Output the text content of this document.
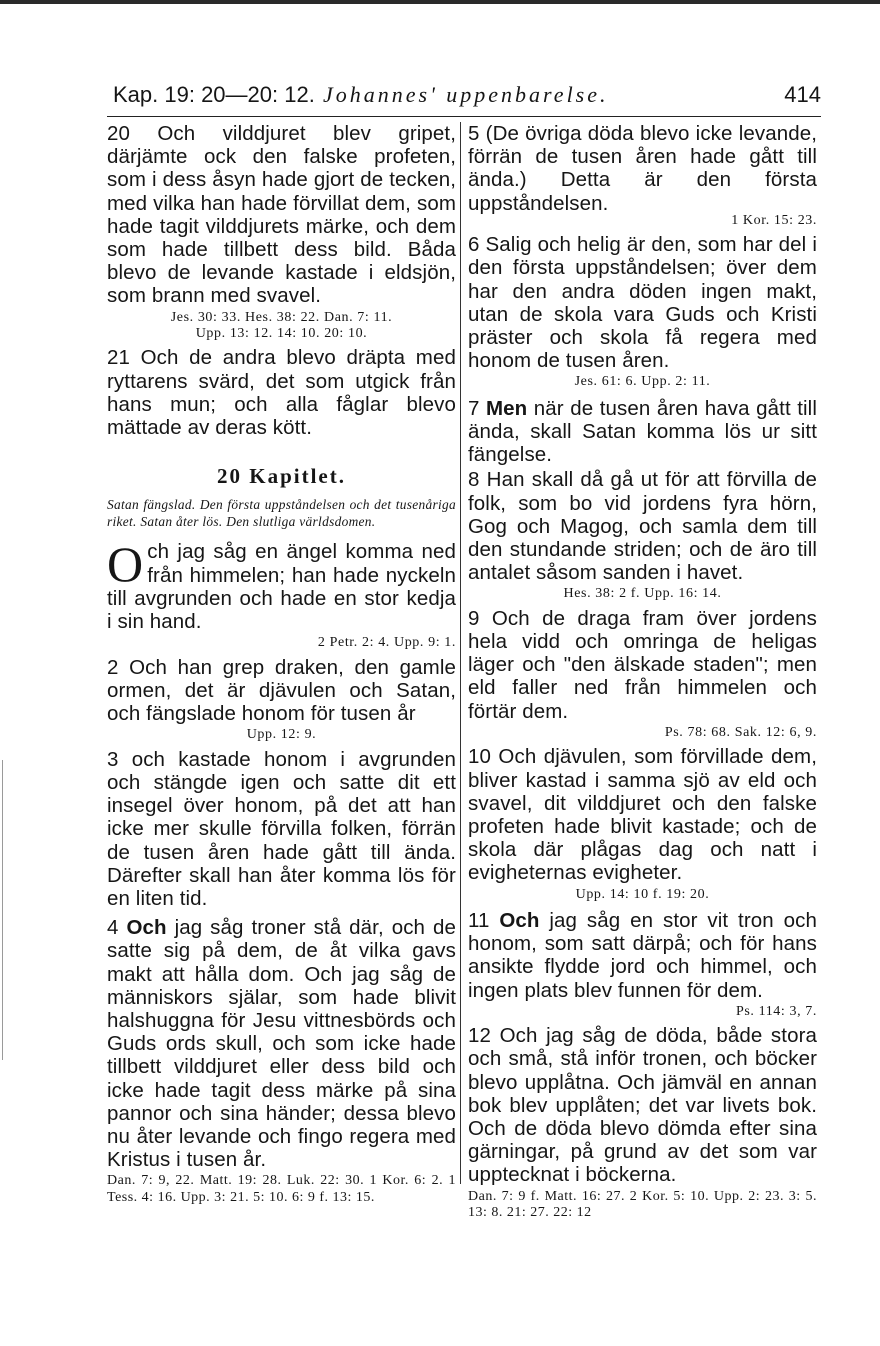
Kap. 19: 20—20: 12. Johannes' uppenbarelse.	414

20 Och vilddjuret blev gripet, därjämte ock den falske profeten, som i dess åsyn hade gjort de tecken, med vilka han hade förvillat dem, som hade tagit vilddjurets märke, och dem som hade tillbett dess bild. Båda blevo de levande kastade i eldsjön, som brann med svavel.

Jes. 30: 33. Hes. 38: 22. Dan. 7: 11.
Upp. 13: 12. 14: 10. 20: 10.

21 Och de andra blevo dräpta med ryttarens svärd, det som utgick från hans mun; och alla fåglar blevo mättade av deras kött.

20 Kapitlet.

Satan fängslad. Den första uppståndelsen och det tusenåriga riket. Satan åter lös. Den slutliga världsdomen.

Och jag såg en ängel komma ned från himmelen; han hade nyckeln till avgrunden och hade en stor kedja i sin hand.

2 Petr. 2: 4. Upp. 9: 1.

2 Och han grep draken, den gamle ormen, det är djävulen och Satan, och fängslade honom för tusen år

Upp. 12: 9.

3 och kastade honom i avgrunden och stängde igen och satte dit ett insegel över honom, på det att han icke mer skulle förvilla folken, förrän de tusen åren hade gått till ända. Därefter skall han åter komma lös för en liten tid.

4 Och jag såg troner stå där, och de satte sig på dem, de åt vilka gavs makt att hålla dom. Och jag såg de människors själar, som hade blivit halshuggna för Jesu vittnesbörds och Guds ords skull, och som icke hade tillbett vilddjuret eller dess bild och icke hade tagit dess märke på sina pannor och sina händer; dessa blevo nu åter levande och fingo regera med Kristus i tusen år.

Dan. 7: 9, 22. Matt. 19: 28. Luk. 22: 30. 1 Kor. 6: 2. 1 Tess. 4: 16. Upp. 3: 21. 5: 10. 6: 9 f. 13: 15.

5 (De övriga döda blevo icke levande, förrän de tusen åren hade gått till ända.) Detta är den första uppståndelsen.

1 Kor. 15: 23.

6 Salig och helig är den, som har del i den första uppståndelsen; över dem har den andra döden ingen makt, utan de skola vara Guds och Kristi präster och skola få regera med honom de tusen åren.

Jes. 61: 6. Upp. 2: 11.

7 Men när de tusen åren hava gått till ända, skall Satan komma lös ur sitt fängelse.

8 Han skall då gå ut för att förvilla de folk, som bo vid jordens fyra hörn, Gog och Magog, och samla dem till den stundande striden; och de äro till antalet såsom sanden i havet.

Hes. 38: 2 f. Upp. 16: 14.

9 Och de draga fram över jordens hela vidd och omringa de heligas läger och "den älskade staden"; men eld faller ned från himmelen och förtär dem.

Ps. 78: 68. Sak. 12: 6, 9.

10 Och djävulen, som förvillade dem, bliver kastad i samma sjö av eld och svavel, dit vilddjuret och den falske profeten hade blivit kastade; och de skola där plågas dag och natt i evigheternas evigheter.

Upp. 14: 10 f. 19: 20.

11 Och jag såg en stor vit tron och honom, som satt därpå; och för hans ansikte flydde jord och himmel, och ingen plats blev funnen för dem.

Ps. 114: 3, 7.

12 Och jag såg de döda, både stora och små, stå inför tronen, och böcker blevo upplåtna. Och jämväl en annan bok blev upplåten; det var livets bok. Och de döda blevo dömda efter sina gärningar, på grund av det som var upptecknat i böckerna.

Dan. 7: 9 f. Matt. 16: 27. 2 Kor. 5: 10. Upp. 2: 23. 3: 5. 13: 8. 21: 27. 22: 12
